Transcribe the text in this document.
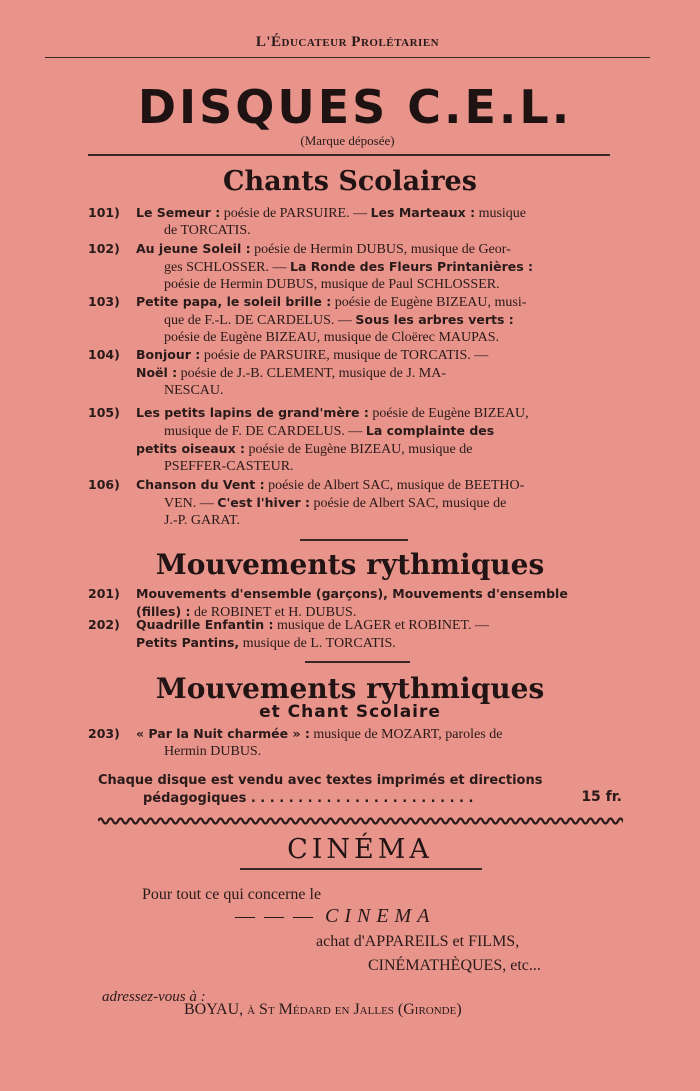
L'Éducateur Prolétarien
DISQUES C.E.L.
(Marque déposée)
Chants Scolaires
101)	Le Semeur : poésie de PARSUIRE. — Les Marteaux : musique
de TORCATIS.
102)	Au jeune Soleil : poésie de Hermin DUBUS, musique de Geor-
ges SCHLOSSER. — La Ronde des Fleurs Printanières :
poésie de Hermin DUBUS, musique de Paul SCHLOSSER.
103)	Petite papa, le soleil brille : poésie de Eugène BIZEAU, musi-
que de F.-L. DE CARDELUS. — Sous les arbres verts :
poésie de Eugène BIZEAU, musique de Cloërec MAUPAS.
104)	Bonjour : poésie de PARSUIRE, musique de TORCATIS. —
Noël : poésie de J.-B. CLEMENT, musique de J. MA-
NESCAU.
105)	Les petits lapins de grand'mère : poésie de Eugène BIZEAU,
musique de F. DE CARDELUS. — La complainte des
petits oiseaux : poésie de Eugène BIZEAU, musique de
PSEFFER-CASTEUR.
106)	Chanson du Vent : poésie de Albert SAC, musique de BEETHO-
VEN. — C'est l'hiver : poésie de Albert SAC, musique de
J.-P. GARAT.
Mouvements rythmiques
201)	Mouvements d'ensemble (garçons), Mouvements d'ensemble
(filles) : de ROBINET et H. DUBUS.
202)	Quadrille Enfantin : musique de LAGER et ROBINET. —
Petits Pantins, musique de L. TORCATIS.
Mouvements rythmiques
et Chant Scolaire
203)	« Par la Nuit charmée » : musique de MOZART, paroles de
Hermin DUBUS.
Chaque disque est vendu avec textes imprimés et directions
pédagogiques . . . . . . . . . . . . . . . . . . . . . . . .	15 fr.
CINÉMA
Pour tout ce qui concerne le
— — — CINEMA
achat d'APPAREILS et FILMS,
CINÉMATHÈQUES, etc...
adressez-vous à :
BOYAU, à St Médard en Jalles (Gironde)
